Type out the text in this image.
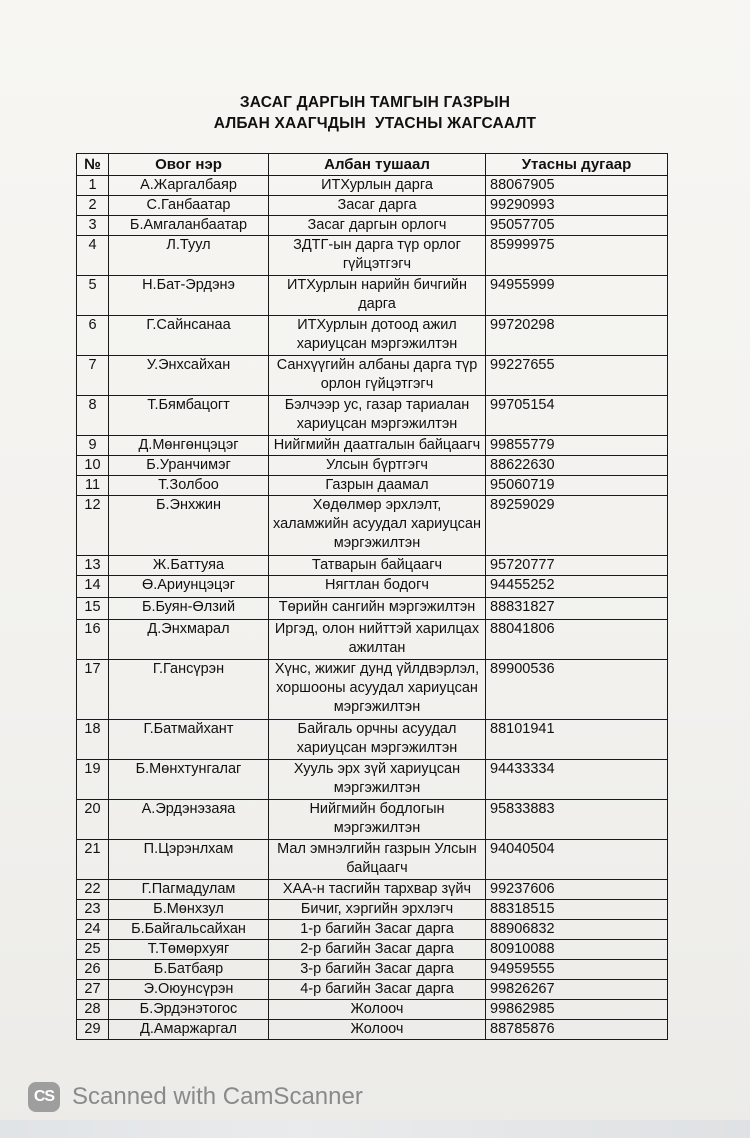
ЗАСАГ ДАРГЫН ТАМГЫН ГАЗРЫН
АЛБАН ХААГЧДЫН  УТАСНЫ ЖАГСААЛТ
№	Овог нэр	Албан тушаал	Утасны дугаар
1	А.Жаргалбаяр	ИТХурлын дарга	88067905
2	С.Ганбаатар	Засаг дарга	99290993
3	Б.Амгаланбаатар	Засаг даргын орлогч	95057705
4	Л.Туул	ЗДТГ-ын дарга түр орлог гүйцэтгэгч	85999975
5	Н.Бат-Эрдэнэ	ИТХурлын нарийн бичгийн дарга	94955999
6	Г.Сайнсанаа	ИТХурлын дотоод ажил хариуцсан мэргэжилтэн	99720298
7	У.Энхсайхан	Санхүүгийн албаны дарга түр орлон гүйцэтгэгч	99227655
8	Т.Бямбацогт	Бэлчээр ус, газар тариалан хариуцсан мэргэжилтэн	99705154
9	Д.Мөнгөнцэцэг	Нийгмийн даатгалын байцаагч	99855779
10	Б.Уранчимэг	Улсын бүртгэгч	88622630
11	Т.Золбоо	Газрын даамал	95060719
12	Б.Энхжин	Хөдөлмөр эрхлэлт, халамжийн асуудал хариуцсан мэргэжилтэн	89259029
13	Ж.Баттуяа	Татварын байцаагч	95720777
14	Ө.Ариунцэцэг	Нягтлан бодогч	94455252
15	Б.Буян-Өлзий	Төрийн сангийн мэргэжилтэн	88831827
16	Д.Энхмарал	Иргэд, олон нийттэй харилцах ажилтан	88041806
17	Г.Гансүрэн	Хүнс, жижиг дунд үйлдвэрлэл, хоршооны асуудал хариуцсан мэргэжилтэн	89900536
18	Г.Батмайхант	Байгаль орчны асуудал хариуцсан мэргэжилтэн	88101941
19	Б.Мөнхтунгалаг	Хууль эрх зүй хариуцсан мэргэжилтэн	94433334
20	А.Эрдэнэзаяа	Нийгмийн бодлогын мэргэжилтэн	95833883
21	П.Цэрэнлхам	Мал эмнэлгийн газрын Улсын байцаагч	94040504
22	Г.Пагмадулам	ХАА-н тасгийн тархвар зүйч	99237606
23	Б.Мөнхзул	Бичиг, хэргийн эрхлэгч	88318515
24	Б.Байгальсайхан	1-р багийн Засаг дарга	88906832
25	Т.Төмөрхуяг	2-р багийн Засаг дарга	80910088
26	Б.Батбаяр	3-р багийн Засаг дарга	94959555
27	Э.Оюунсүрэн	4-р багийн Засаг дарга	99826267
28	Б.Эрдэнэтогос	Жолооч	99862985
29	Д.Амаржаргал	Жолооч	88785876
CS Scanned with CamScanner
